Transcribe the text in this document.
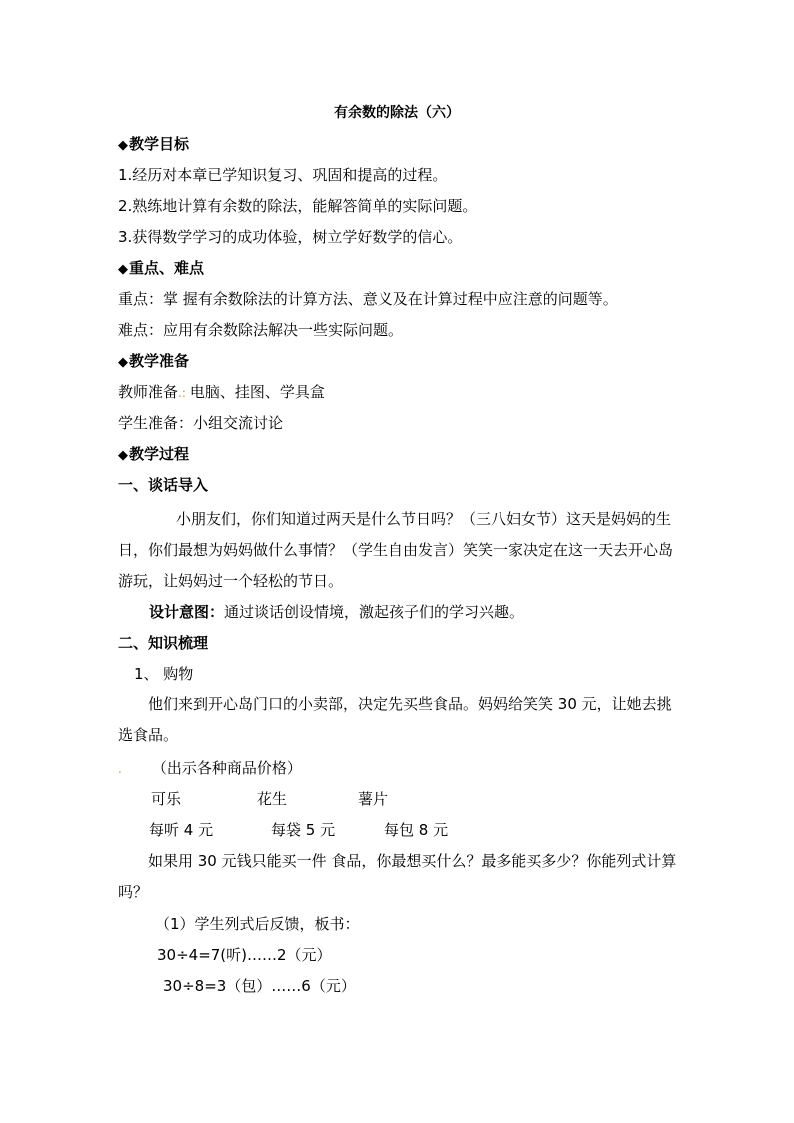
有余数的除法（六）
◆教学目标
1.经历对本章已学知识复习、巩固和提高的过程。
2.熟练地计算有余数的除法，能解答简单的实际问题。
3.获得数学学习的成功体验，树立学好数学的信心。
◆重点、难点
重点：掌 握有余数除法的计算方法、意义及在计算过程中应注意的问题等。
难点：应用有余数除法解决一些实际问题。
◆教学准备
教师准备.: 电脑、挂图、学具盒
学生准备：小组交流讨论
◆教学过程
一、谈话导入
小朋友们，你们知道过两天是什么节日吗？（三八妇女节）这天是妈妈的生日，你们最想为妈妈做什么事情？（学生自由发言）笑笑一家决定在这一天去开心岛游玩，让妈妈过一个轻松的节日。
设计意图：通过谈话创设情境，激起孩子们的学习兴趣。
二、知识梳理
1、 购物
他们来到开心岛门口的小卖部，决定先买些食品。妈妈给笑笑 30 元，让她去挑选食品。
. （出示各种商品价格）
可乐	花生	薯片
每听 4 元	每袋 5 元	每包 8 元
如果用 30 元钱只能买一件 食品，你最想买什么？最多能买多少？你能列式计算吗？
（1）学生列式后反馈，板书：
30÷4=7(听)……2（元）
30÷8=3（包）……6（元）
